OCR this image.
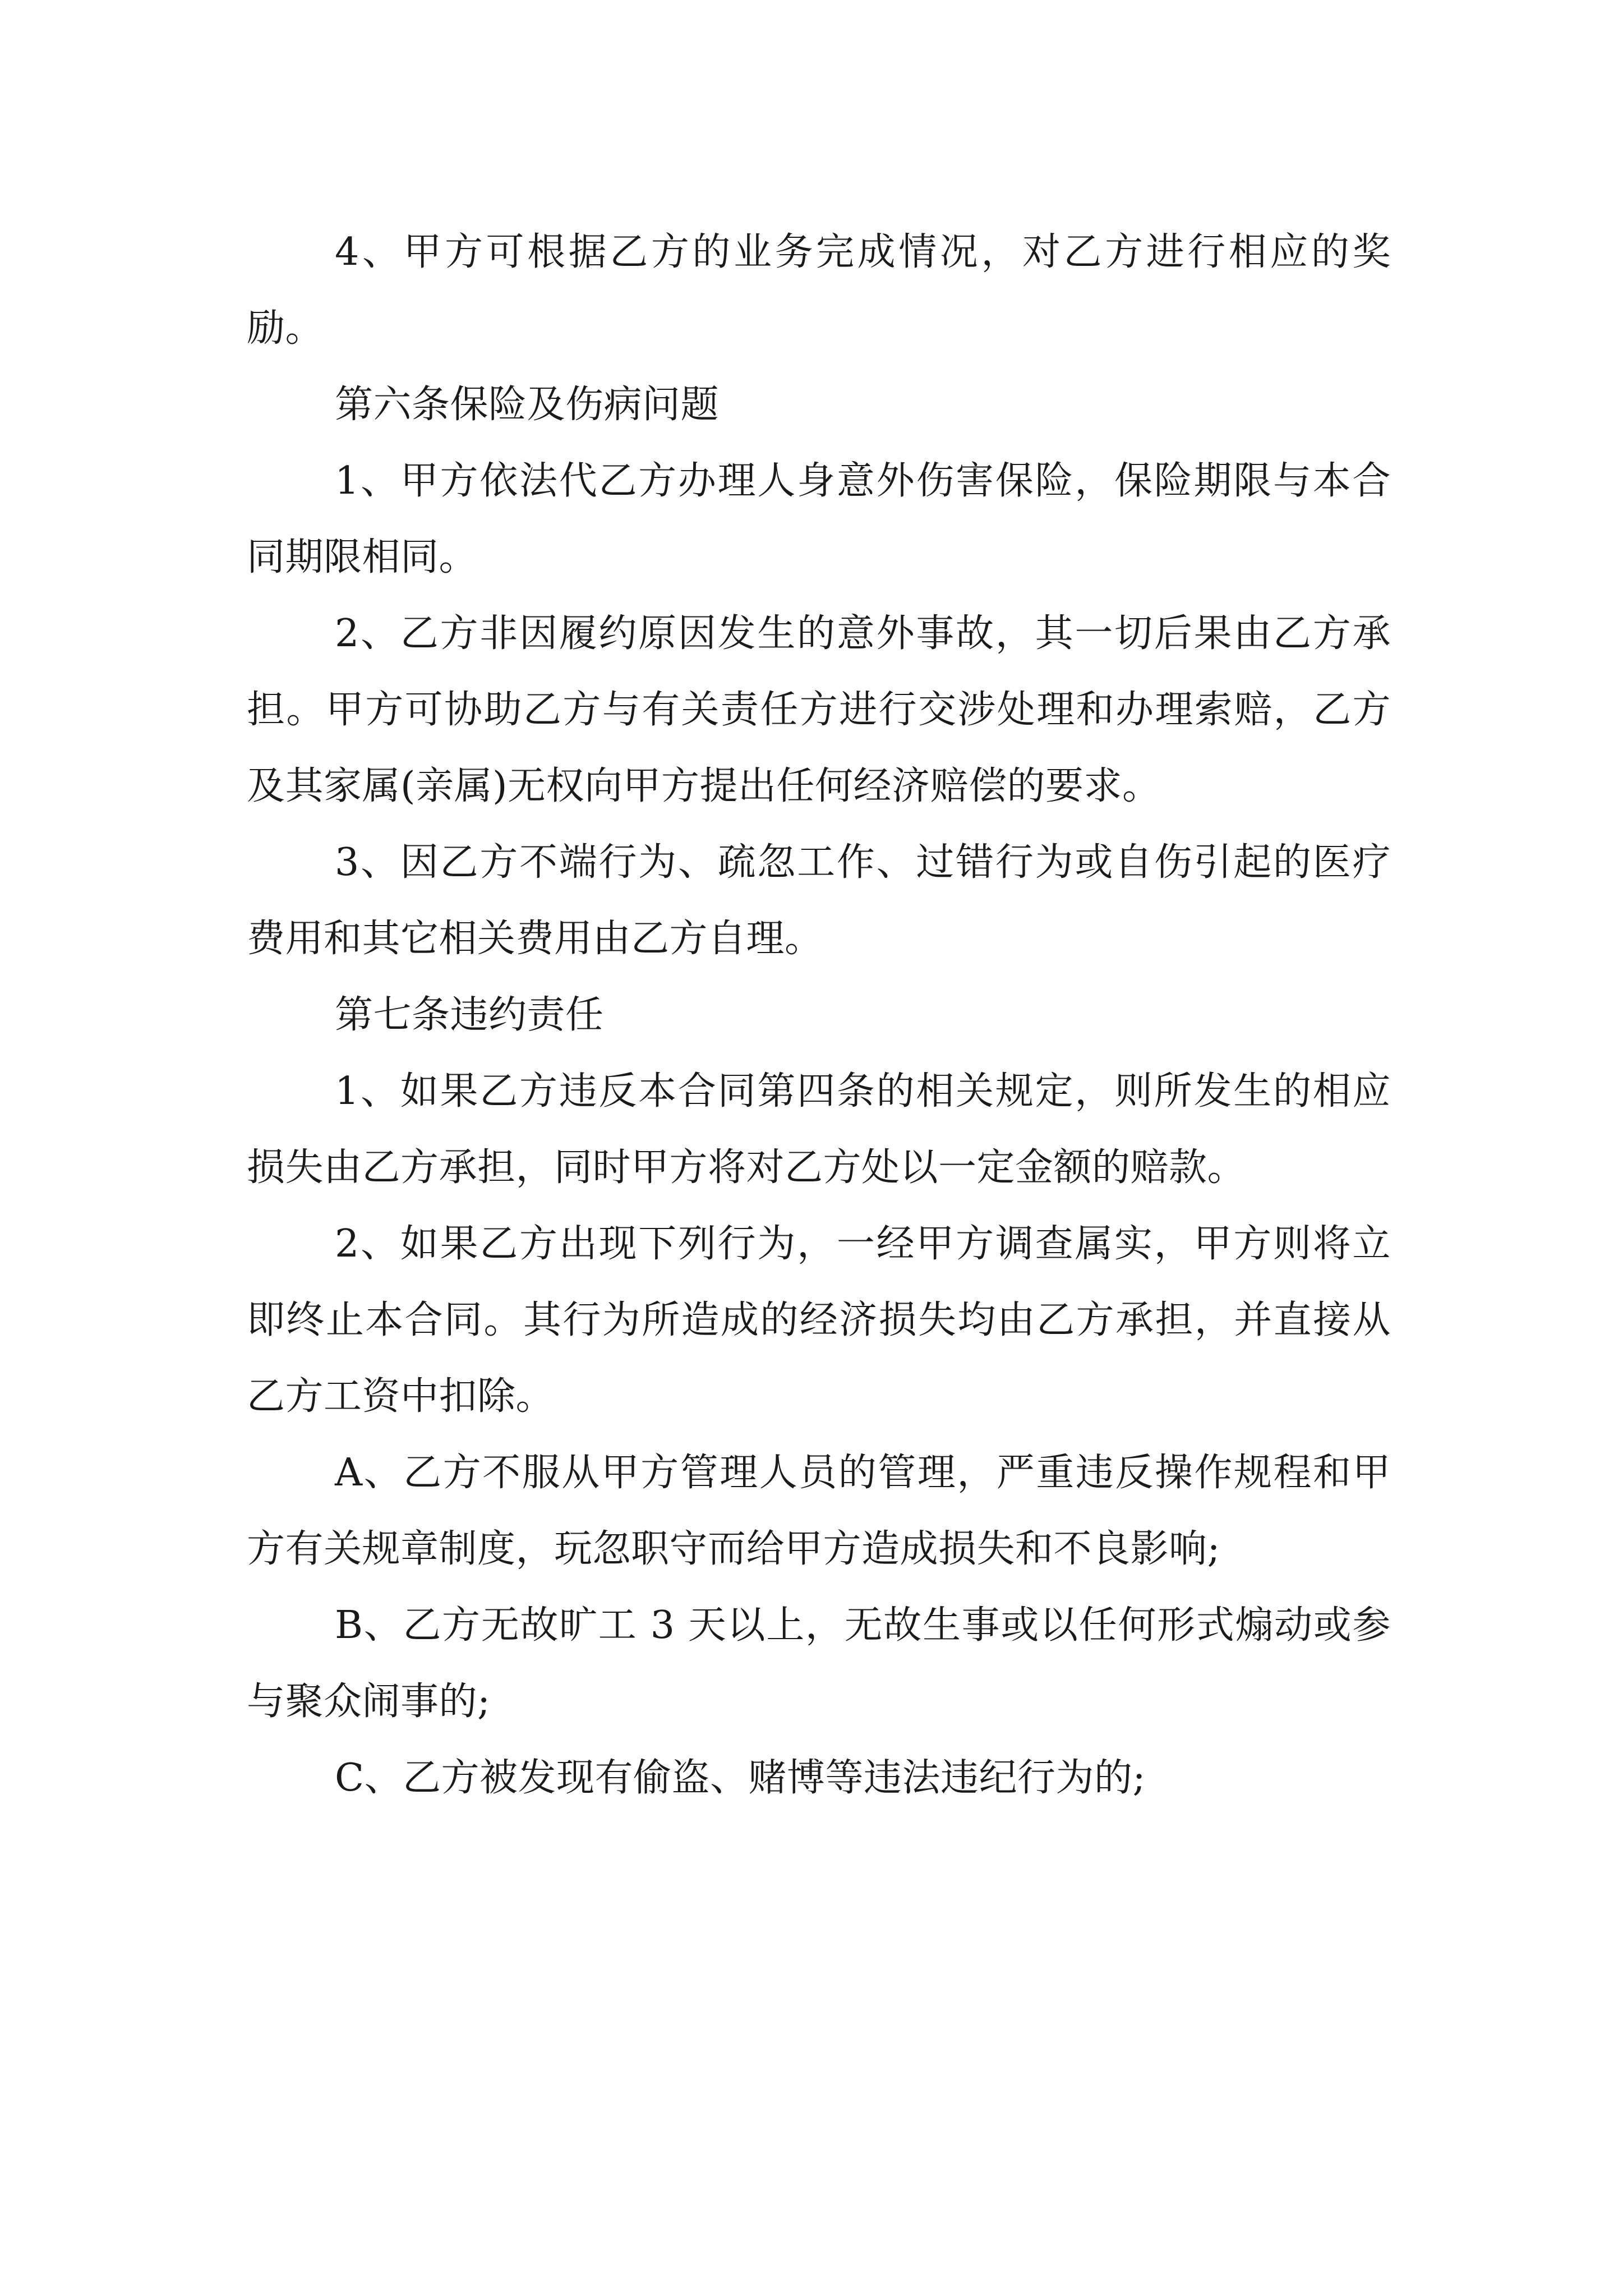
4、甲方可根据乙方的业务完成情况，对乙方进行相应的奖励。

第六条保险及伤病问题

1、甲方依法代乙方办理人身意外伤害保险，保险期限与本合同期限相同。

2、乙方非因履约原因发生的意外事故，其一切后果由乙方承担。甲方可协助乙方与有关责任方进行交涉处理和办理索赔，乙方及其家属(亲属)无权向甲方提出任何经济赔偿的要求。

3、因乙方不端行为、疏忽工作、过错行为或自伤引起的医疗费用和其它相关费用由乙方自理。

第七条违约责任

1、如果乙方违反本合同第四条的相关规定，则所发生的相应损失由乙方承担，同时甲方将对乙方处以一定金额的赔款。

2、如果乙方出现下列行为，一经甲方调查属实，甲方则将立即终止本合同。其行为所造成的经济损失均由乙方承担，并直接从乙方工资中扣除。

A、乙方不服从甲方管理人员的管理，严重违反操作规程和甲方有关规章制度，玩忽职守而给甲方造成损失和不良影响;

B、乙方无故旷工 3 天以上，无故生事或以任何形式煽动或参与聚众闹事的;

C、乙方被发现有偷盗、赌博等违法违纪行为的;
